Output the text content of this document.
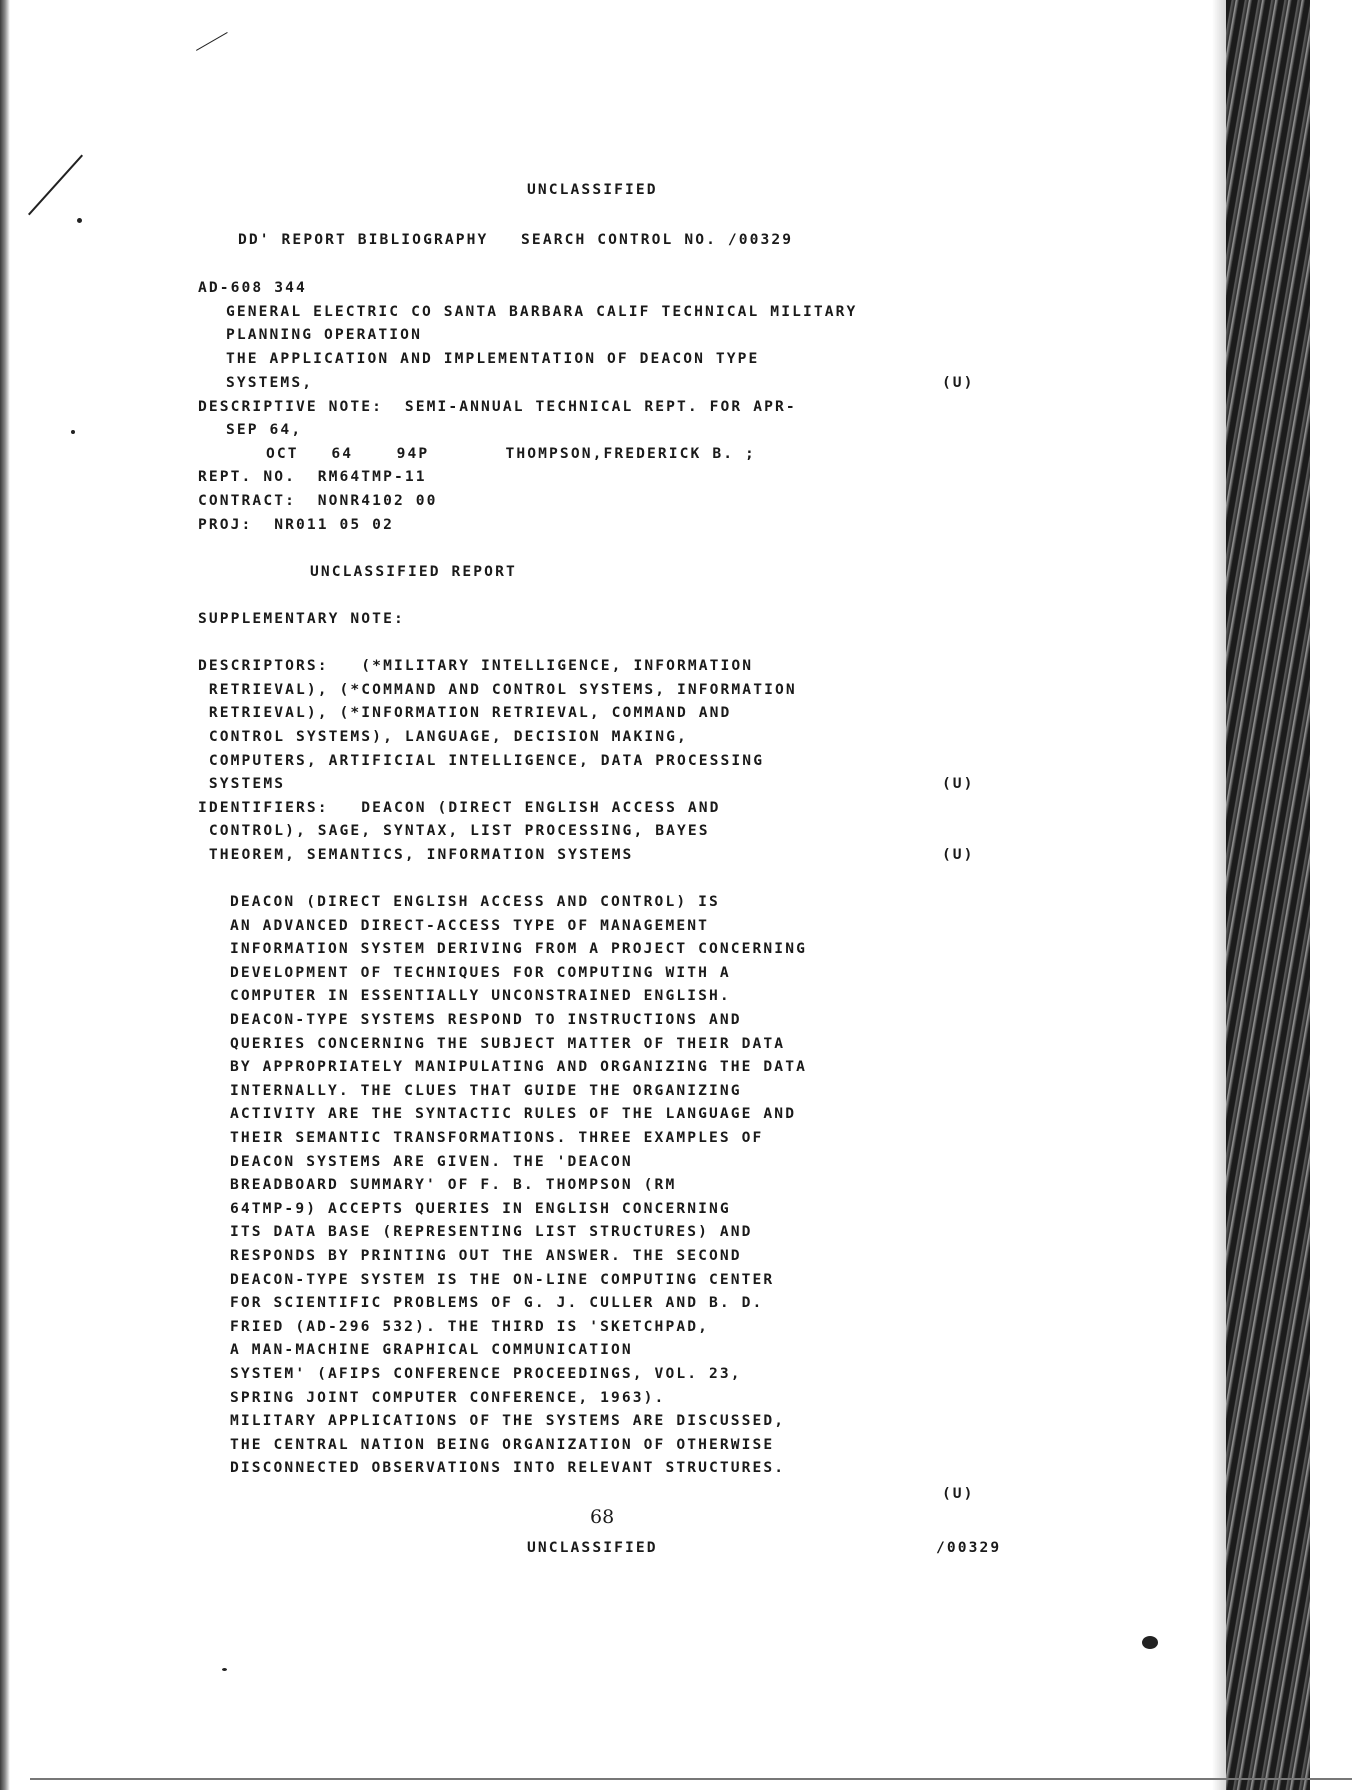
UNCLASSIFIED
DD' REPORT BIBLIOGRAPHY   SEARCH CONTROL NO. /00329
AD-608 344
GENERAL ELECTRIC CO SANTA BARBARA CALIF TECHNICAL MILITARY
PLANNING OPERATION
THE APPLICATION AND IMPLEMENTATION OF DEACON TYPE
SYSTEMS,	(U)
DESCRIPTIVE NOTE:  SEMI-ANNUAL TECHNICAL REPT. FOR APR-
SEP 64,
OCT   64    94P       THOMPSON,FREDERICK B. ;
REPT. NO.  RM64TMP-11
CONTRACT:  NONR4102 00
PROJ:  NR011 05 02
UNCLASSIFIED REPORT
SUPPLEMENTARY NOTE:
DESCRIPTORS:   (*MILITARY INTELLIGENCE, INFORMATION
RETRIEVAL), (*COMMAND AND CONTROL SYSTEMS, INFORMATION
RETRIEVAL), (*INFORMATION RETRIEVAL, COMMAND AND
CONTROL SYSTEMS), LANGUAGE, DECISION MAKING,
COMPUTERS, ARTIFICIAL INTELLIGENCE, DATA PROCESSING
SYSTEMS	(U)
IDENTIFIERS:   DEACON (DIRECT ENGLISH ACCESS AND
CONTROL), SAGE, SYNTAX, LIST PROCESSING, BAYES
THEOREM, SEMANTICS, INFORMATION SYSTEMS	(U)
DEACON (DIRECT ENGLISH ACCESS AND CONTROL) IS
AN ADVANCED DIRECT-ACCESS TYPE OF MANAGEMENT
INFORMATION SYSTEM DERIVING FROM A PROJECT CONCERNING
DEVELOPMENT OF TECHNIQUES FOR COMPUTING WITH A
COMPUTER IN ESSENTIALLY UNCONSTRAINED ENGLISH.
DEACON-TYPE SYSTEMS RESPOND TO INSTRUCTIONS AND
QUERIES CONCERNING THE SUBJECT MATTER OF THEIR DATA
BY APPROPRIATELY MANIPULATING AND ORGANIZING THE DATA
INTERNALLY. THE CLUES THAT GUIDE THE ORGANIZING
ACTIVITY ARE THE SYNTACTIC RULES OF THE LANGUAGE AND
THEIR SEMANTIC TRANSFORMATIONS. THREE EXAMPLES OF
DEACON SYSTEMS ARE GIVEN. THE 'DEACON
BREADBOARD SUMMARY' OF F. B. THOMPSON (RM
64TMP-9) ACCEPTS QUERIES IN ENGLISH CONCERNING
ITS DATA BASE (REPRESENTING LIST STRUCTURES) AND
RESPONDS BY PRINTING OUT THE ANSWER. THE SECOND
DEACON-TYPE SYSTEM IS THE ON-LINE COMPUTING CENTER
FOR SCIENTIFIC PROBLEMS OF G. J. CULLER AND B. D.
FRIED (AD-296 532). THE THIRD IS 'SKETCHPAD,
A MAN-MACHINE GRAPHICAL COMMUNICATION
SYSTEM' (AFIPS CONFERENCE PROCEEDINGS, VOL. 23,
SPRING JOINT COMPUTER CONFERENCE, 1963).
MILITARY APPLICATIONS OF THE SYSTEMS ARE DISCUSSED,
THE CENTRAL NATION BEING ORGANIZATION OF OTHERWISE
DISCONNECTED OBSERVATIONS INTO RELEVANT STRUCTURES.
(U)
68
UNCLASSIFIED	/00329
